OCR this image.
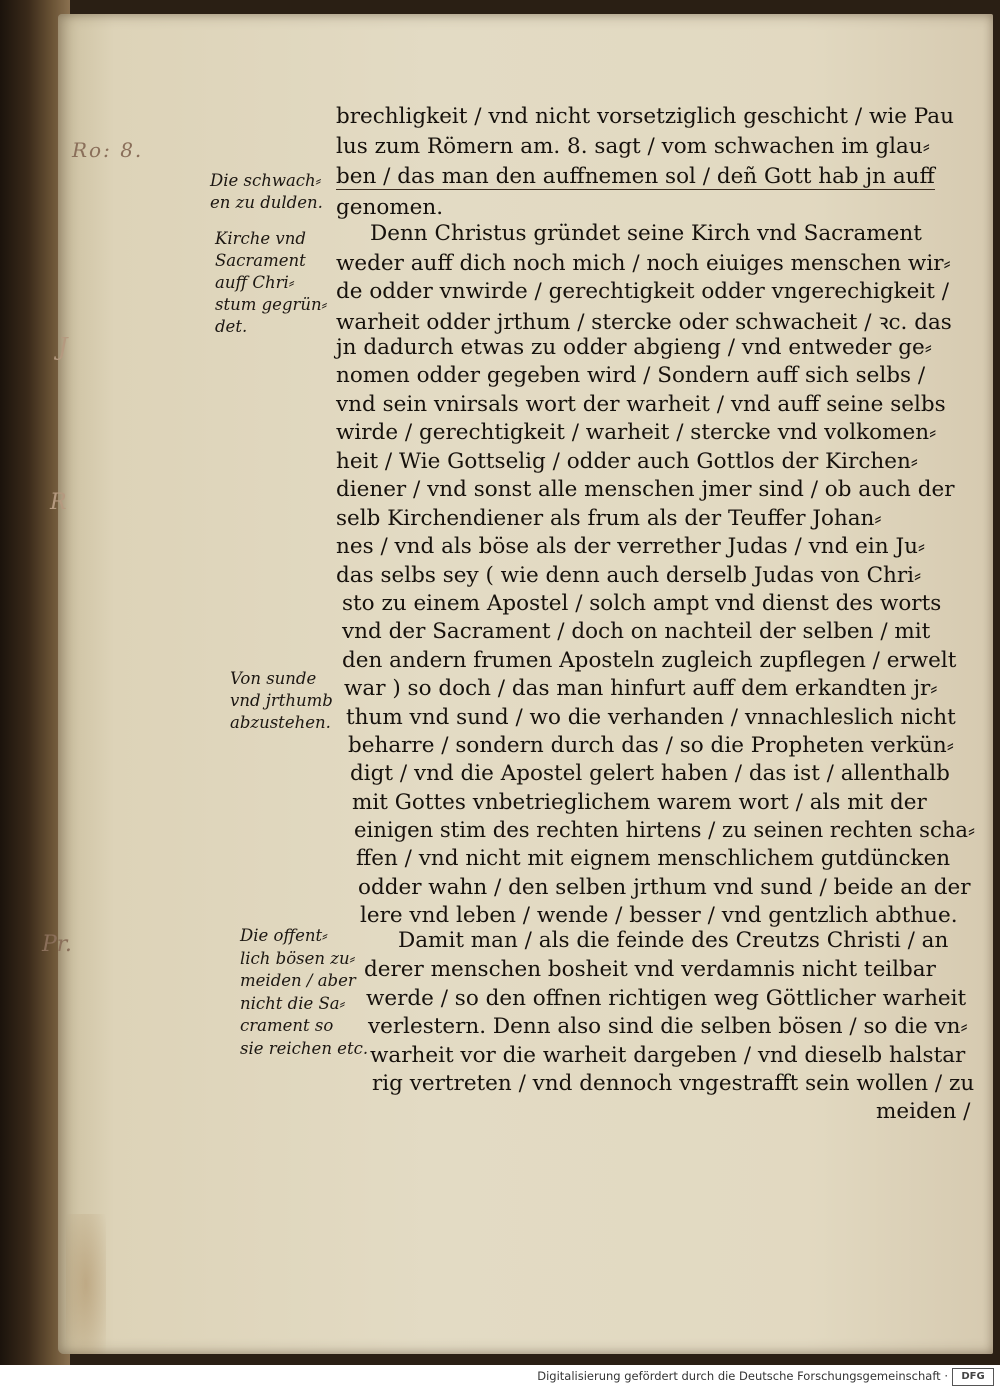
Ro: 8.
J
R
Pr.
Die schwach⸗
en zu dulden.
Kirche vnd
Sacrament
auff Chri⸗
stum gegrün⸗
det.
Von sunde
vnd jrthumb
abzustehen.
Die offent⸗
lich bösen zu⸗
meiden / aber
nicht die Sa⸗
crament so
sie reichen etc.
brechligkeit / vnd nicht vorsetziglich geschicht / wie Pau
lus zum Römern am. 8. sagt / vom schwachen im glau⸗
ben / das man den auffnemen sol / deñ Gott hab jn auff
genomen.
Denn Christus gründet seine Kirch vnd Sacrament
weder auff dich noch mich / noch eiuiges menschen wir⸗
de odder vnwirde / gerechtigkeit odder vngerechigkeit /
warheit odder jrthum / stercke oder schwacheit / ꝛc. das
jn dadurch etwas zu odder abgieng / vnd entweder ge⸗
nomen odder gegeben wird / Sondern auff sich selbs /
vnd sein vnirsals wort der warheit / vnd auff seine selbs
wirde / gerechtigkeit / warheit / stercke vnd volkomen⸗
heit / Wie Gottselig / odder auch Gottlos der Kirchen⸗
diener / vnd sonst alle menschen jmer sind / ob auch der
selb Kirchendiener als frum als der Teuffer Johan⸗
nes / vnd als böse als der verrether Judas / vnd ein Ju⸗
das selbs sey ( wie denn auch derselb Judas von Chri⸗
sto zu einem Apostel / solch ampt vnd dienst des worts
vnd der Sacrament / doch on nachteil der selben / mit
den andern frumen Aposteln zugleich zupflegen / erwelt
war ) so doch / das man hinfurt auff dem erkandten jr⸗
thum vnd sund / wo die verhanden / vnnachleslich nicht
beharre / sondern durch das / so die Propheten verkün⸗
digt / vnd die Apostel gelert haben / das ist / allenthalb
mit Gottes vnbetrieglichem warem wort / als mit der
einigen stim des rechten hirtens / zu seinen rechten scha⸗
ffen / vnd nicht mit eignem menschlichem gutdüncken
odder wahn / den selben jrthum vnd sund / beide an der
lere vnd leben / wende / besser / vnd gentzlich abthue.
Damit man / als die feinde des Creutzs Christi / an
derer menschen bosheit vnd verdamnis nicht teilbar
werde / so den offnen richtigen weg Göttlicher warheit
verlestern. Denn also sind die selben bösen / so die vn⸗
warheit vor die warheit dargeben / vnd dieselb halstar
rig vertreten / vnd dennoch vngestrafft sein wollen / zu
meiden /
Digitalisierung gefördert durch die Deutsche Forschungsgemeinschaft ·	DFG
